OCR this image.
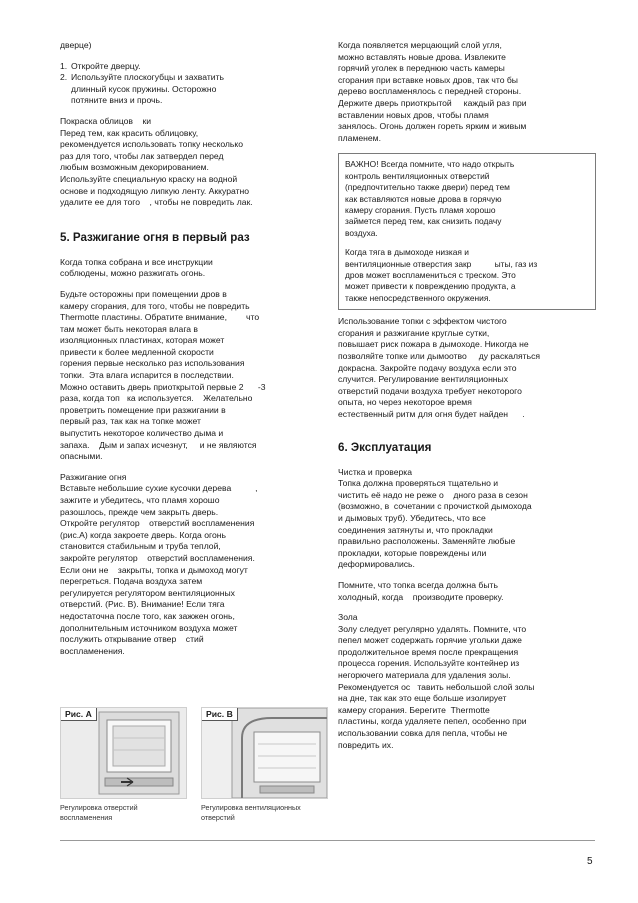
дверце)

1. Откройте дверцу.
2. Используйте плоскогубцы и захватить
длинный кусок пружины. Осторожно
потяните вниз и прочь.

Покраска облицов    ки
Перед тем, как красить облицовку,
рекомендуется использовать топку несколько
раз для того, чтобы лак затвердел перед
любым возможным декорированием.
Используйте специальную краску на водной
основе и подходящую липкую ленту. Аккуратно
удалите ее для того    , чтобы не повредить лак.

5. Разжигание огня в первый раз

Когда топка собрана и все инструкции
соблюдены, можно разжигать огонь.

Будьте осторожны при помещении дров в
камеру сгорания, для того, чтобы не повредить
Thermotte пластины. Обратите внимание,        что
там может быть некоторая влага в
изоляционных пластинах, которая может
привести к более медленной скорости
горения первые несколько раз использования
топки.  Эта влага испарится в последствии.
Можно оставить дверь приоткрытой первые 2      -3
раза, когда топ   ка используется.    Желательно
проветрить помещение при разжигании в
первый раз, так как на топке может
выпустить некоторое количество дыма и
запаха.    Дым и запах исчезнут,     и не являются
опасными.

Разжигание огня
Вставьте небольшие сухие кусочки дерева          ,
зажгите и убедитесь, что пламя хорошо
разошлось, прежде чем закрыть дверь.
Откройте регулятор    отверстий воспламенения
(рис.А) когда закроете дверь. Когда огонь
становится стабильным и труба теплой,
закройте регулятор    отверстий воспламенения.
Если они не    закрыты, топка и дымоход могут
перегреться. Подача воздуха затем
регулируется регулятором вентиляционных
отверстий. (Рис. В). Внимание! Если тяга
недостаточна после того, как зажжен огонь,
дополнительным источником воздуха может
послужить открывание отвер    стий
воспламенения.

Рис. А	Рис. В
Регулировка отверстий
воспламенения
Регулировка вентиляционных
отверстий

Когда появляется мерцающий слой угля,
можно вставлять новые дрова. Извлеките
горячий уголек в переднюю часть камеры
сгорания при вставке новых дров, так что бы
дерево воспламенялось с передней стороны.
Держите дверь приоткрытой     каждый раз при
вставлении новых дров, чтобы пламя
занялось. Огонь должен гореть ярким и живым
пламенем.

ВАЖНО! Всегда помните, что надо открыть
контроль вентиляционных отверстий
(предпочтительно также двери) перед тем
как вставляются новые дрова в горячую
камеру сгорания. Пусть пламя хорошо
займется перед тем, как снизить подачу
воздуха.

Когда тяга в дымоходе низкая и
вентиляционные отверстия закр          ыты, газ из
дров может воспламениться с треском. Это
может привести к повреждению продукта, а
также непосредственного окружения.

Использование топки с эффектом чистого
сгорания и разжигание круглые сутки,
повышает риск пожара в дымоходе. Никогда не
позволяйте топке или дымоотво     ду раскаляться
докрасна. Закройте подачу воздуха если это
случится. Регулирование вентиляционных
отверстий подачи воздуха требует некоторого
опыта, но через некоторое время
естественный ритм для огня будет найден      .

6. Эксплуатация

Чистка и проверка
Топка должна проверяться тщательно и
чистить её надо не реже о    дного раза в сезон
(возможно, в  сочетании с прочисткой дымохода
и дымовых труб). Убедитесь, что все
соединения затянуты и, что прокладки
правильно расположены. Заменяйте любые
прокладки, которые повреждены или
деформировались.

Помните, что топка всегда должна быть
холодный, когда    производите проверку.

Зола
Золу следует регулярно удалять. Помните, что
пепел может содержать горячие угольки даже
продолжительное время после прекращения
процесса горения. Используйте контейнер из
негорючего материала для удаления золы.
Рекомендуется ос   тавить небольшой слой золы
на дне, так как это еще больше изолирует
камеру сгорания. Берегите  Thermotte
пластины, когда удаляете пепел, особенно при
использовании совка для пепла, чтобы не
повредить их.

5
